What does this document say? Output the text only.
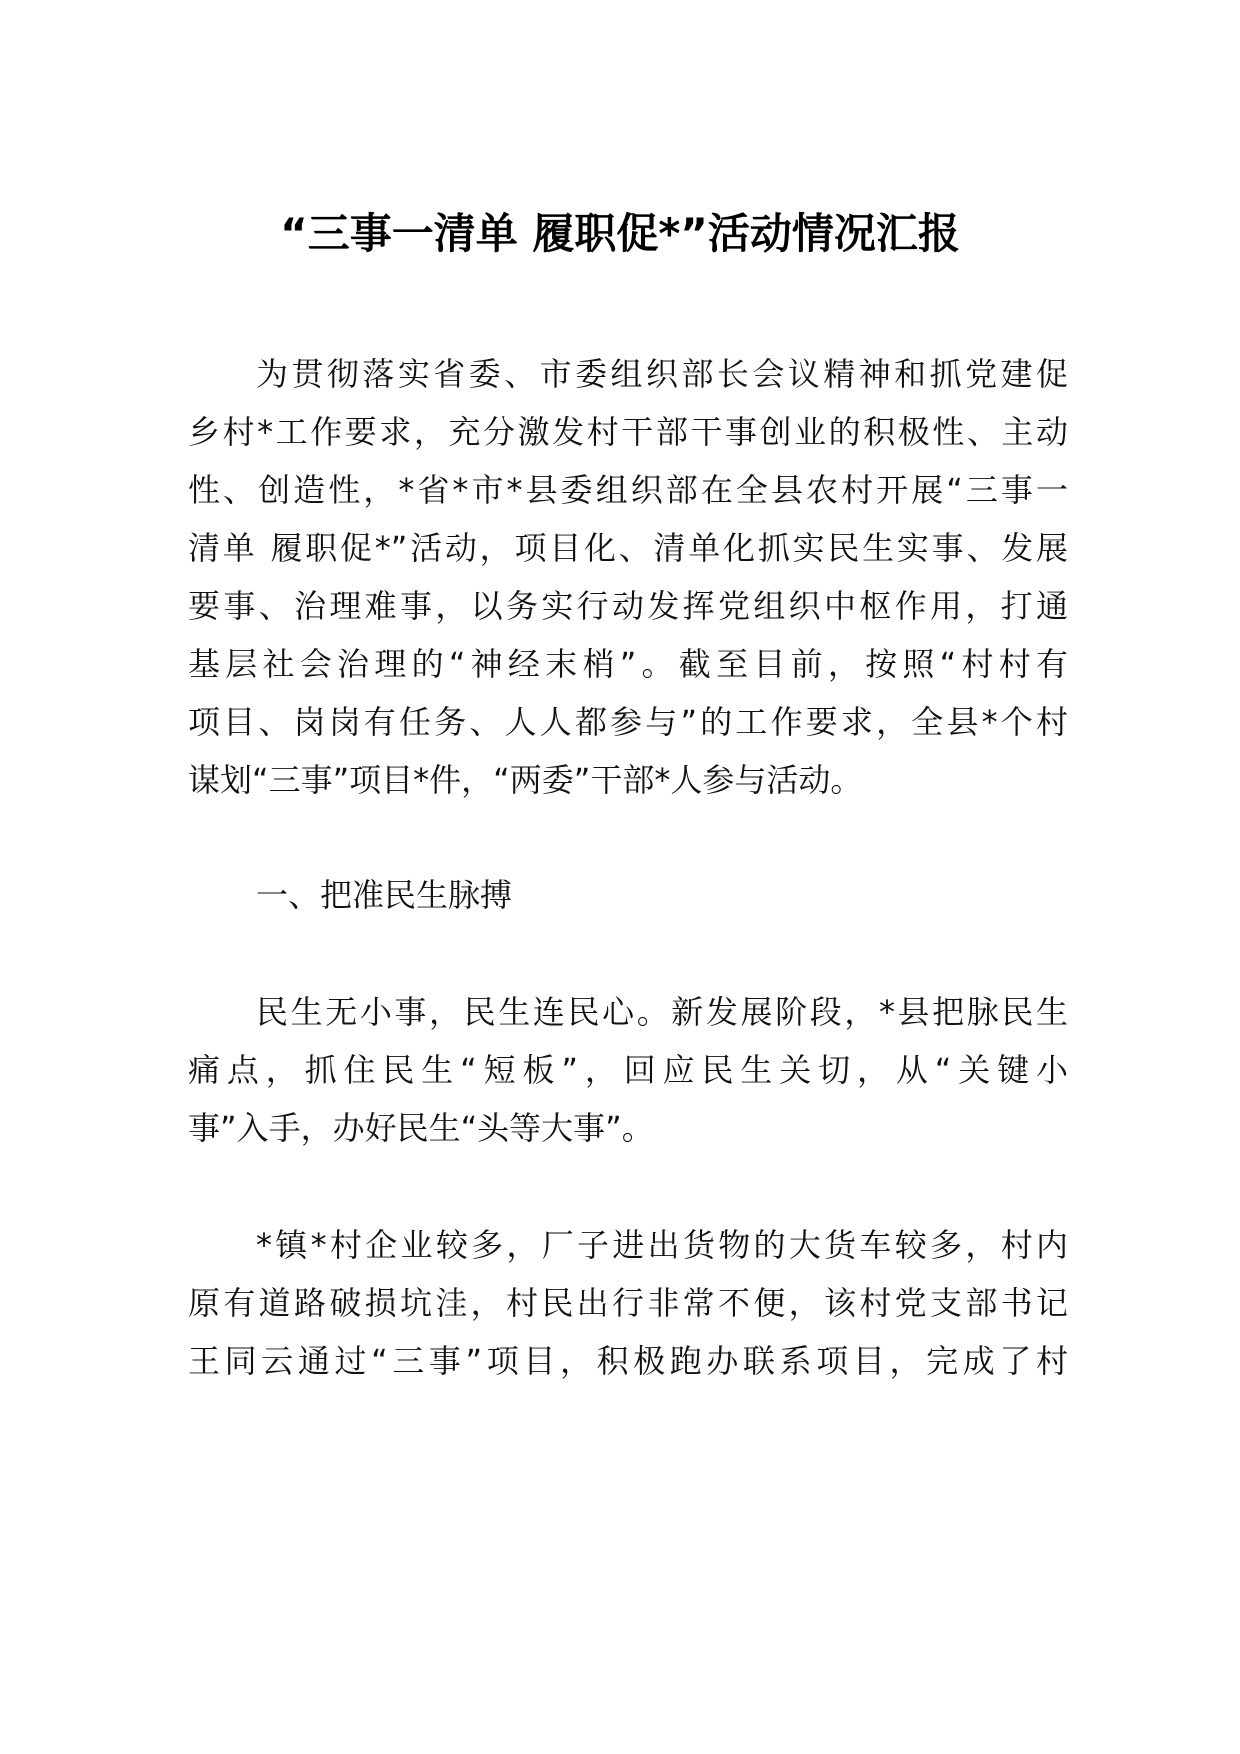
“三事一清单 履职促*”活动情况汇报
为贯彻落实省委、市委组织部长会议精神和抓党建促
乡村*工作要求，充分激发村干部干事创业的积极性、主动
性、创造性，*省*市*县委组织部在全县农村开展“三事一
清单 履职促*”活动，项目化、清单化抓实民生实事、发展
要事、治理难事，以务实行动发挥党组织中枢作用，打通
基层社会治理的“神经末梢”。截至目前，按照“村村有
项目、岗岗有任务、人人都参与”的工作要求，全县*个村
谋划“三事”项目*件，“两委”干部*人参与活动。
一、把准民生脉搏
民生无小事，民生连民心。新发展阶段，*县把脉民生
痛点，抓住民生“短板”，回应民生关切，从“关键小
事”入手，办好民生“头等大事”。
*镇*村企业较多，厂子进出货物的大货车较多，村内
原有道路破损坑洼，村民出行非常不便，该村党支部书记
王同云通过“三事”项目，积极跑办联系项目，完成了村
